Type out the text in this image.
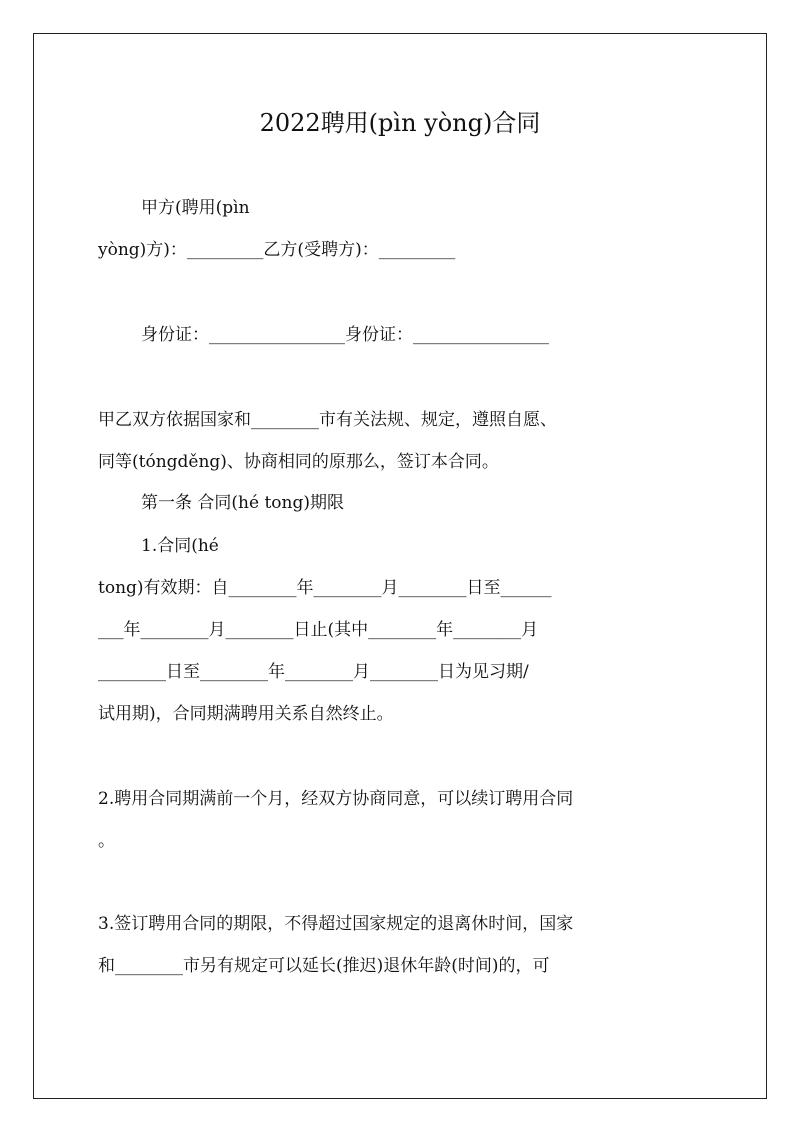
2022聘用(pìn yòng)合同
甲方(聘用(pìn
yòng)方)：_________乙方(受聘方)：_________
身份证：________________身份证：________________
甲乙双方依据国家和________市有关法规、规定，遵照自愿、
同等(tóngděng)、协商相同的原那么，签订本合同。
第一条 合同(hé tong)期限
1.合同(hé
tong)有效期：自________年________月________日至______
___年________月________日止(其中________年________月
________日至________年________月________日为见习期/
试用期)，合同期满聘用关系自然终止。
2.聘用合同期满前一个月，经双方协商同意，可以续订聘用合同
。
3.签订聘用合同的期限，不得超过国家规定的退离休时间，国家
和________市另有规定可以延长(推迟)退休年龄(时间)的，可
